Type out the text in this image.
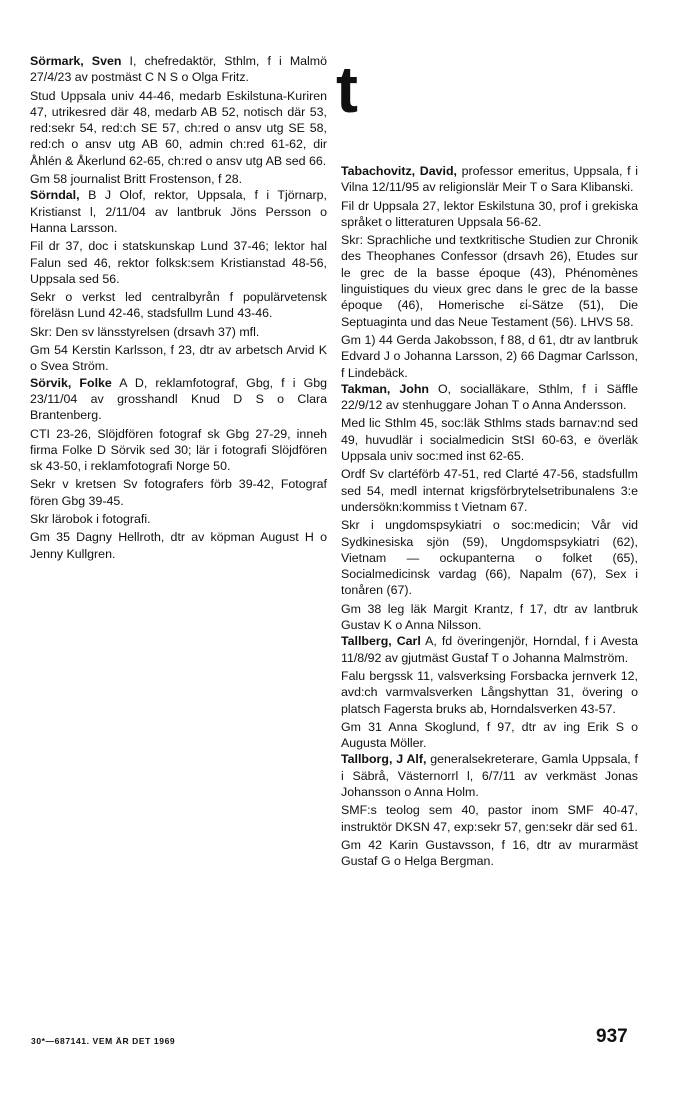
Sörmark, Sven I, chefredaktör, Sthlm, f i Malmö 27/4/23 av postmäst C N S o Olga Fritz.

Stud Uppsala univ 44-46, medarb Eskilstuna-Kuriren 47, utrikesred där 48, medarb AB 52, notisch där 53, red:sekr 54, red:ch SE 57, ch:red o ansv utg SE 58, red:ch o ansv utg AB 60, admin ch:red 61-62, dir Åhlén & Åkerlund 62-65, ch:red o ansv utg AB sed 66.

Gm 58 journalist Britt Frostenson, f 28.

Sörndal, B J Olof, rektor, Uppsala, f i Tjörnarp, Kristianst l, 2/11/04 av lantbruk Jöns Persson o Hanna Larsson.

Fil dr 37, doc i statskunskap Lund 37-46; lektor hal Falun sed 46, rektor folksk:sem Kristianstad 48-56, Uppsala sed 56.

Sekr o verkst led centralbyrån f populärvetensk föreläsn Lund 42-46, stadsfullm Lund 43-46.

Skr: Den sv länsstyrelsen (drsavh 37) mfl.

Gm 54 Kerstin Karlsson, f 23, dtr av arbetsch Arvid K o Svea Ström.

Sörvik, Folke A D, reklamfotograf, Gbg, f i Gbg 23/11/04 av grosshandl Knud D S o Clara Brantenberg.

CTI 23-26, Slöjdfören fotograf sk Gbg 27-29, inneh firma Folke D Sörvik sed 30; lär i fotografi Slöjdfören sk 43-50, i reklamfotografi Norge 50.

Sekr v kretsen Sv fotografers förb 39-42, Fotograf fören Gbg 39-45.

Skr lärobok i fotografi.

Gm 35 Dagny Hellroth, dtr av köpman August H o Jenny Kullgren.

t

Tabachovitz, David, professor emeritus, Uppsala, f i Vilna 12/11/95 av religionslär Meir T o Sara Klibanski.

Fil dr Uppsala 27, lektor Eskilstuna 30, prof i grekiska språket o litteraturen Uppsala 56-62.

Skr: Sprachliche und textkritische Studien zur Chronik des Theophanes Confessor (drsavh 26), Etudes sur le grec de la basse époque (43), Phénomènes linguistiques du vieux grec dans le grec de la basse époque (46), Homerische εἰ-Sätze (51), Die Septuaginta und das Neue Testament (56). LHVS 58.

Gm 1) 44 Gerda Jakobsson, f 88, d 61, dtr av lantbruk Edvard J o Johanna Larsson, 2) 66 Dagmar Carlsson, f Lindebäck.

Takman, John O, socialläkare, Sthlm, f i Säffle 22/9/12 av stenhuggare Johan T o Anna Andersson.

Med lic Sthlm 45, soc:läk Sthlms stads barnav:nd sed 49, huvudlär i socialmedicin StSI 60-63, e överläk Uppsala univ soc:med inst 62-65.

Ordf Sv clartéförb 47-51, red Clarté 47-56, stadsfullm sed 54, medl internat krigsförbrytelsetribunalens 3:e undersökn:kommiss t Vietnam 67.

Skr i ungdomspsykiatri o soc:medicin; Vår vid Sydkinesiska sjön (59), Ungdomspsykiatri (62), Vietnam — ockupanterna o folket (65), Socialmedicinsk vardag (66), Napalm (67), Sex i tonåren (67).

Gm 38 leg läk Margit Krantz, f 17, dtr av lantbruk Gustav K o Anna Nilsson.

Tallberg, Carl A, fd överingenjör, Horndal, f i Avesta 11/8/92 av gjutmäst Gustaf T o Johanna Malmström.

Falu bergssk 11, valsverksing Forsbacka jernverk 12, avd:ch varmvalsverken Långshyttan 31, övering o platsch Fagersta bruks ab, Horndalsverken 43-57.

Gm 31 Anna Skoglund, f 97, dtr av ing Erik S o Augusta Möller.

Tallborg, J Alf, generalsekreterare, Gamla Uppsala, f i Säbrå, Västernorrl l, 6/7/11 av verkmäst Jonas Johansson o Anna Holm.

SMF:s teolog sem 40, pastor inom SMF 40-47, instruktör DKSN 47, exp:sekr 57, gen:sekr där sed 61.

Gm 42 Karin Gustavsson, f 16, dtr av murarmäst Gustaf G o Helga Bergman.

30*—687141. VEM ÄR DET 1969	937
